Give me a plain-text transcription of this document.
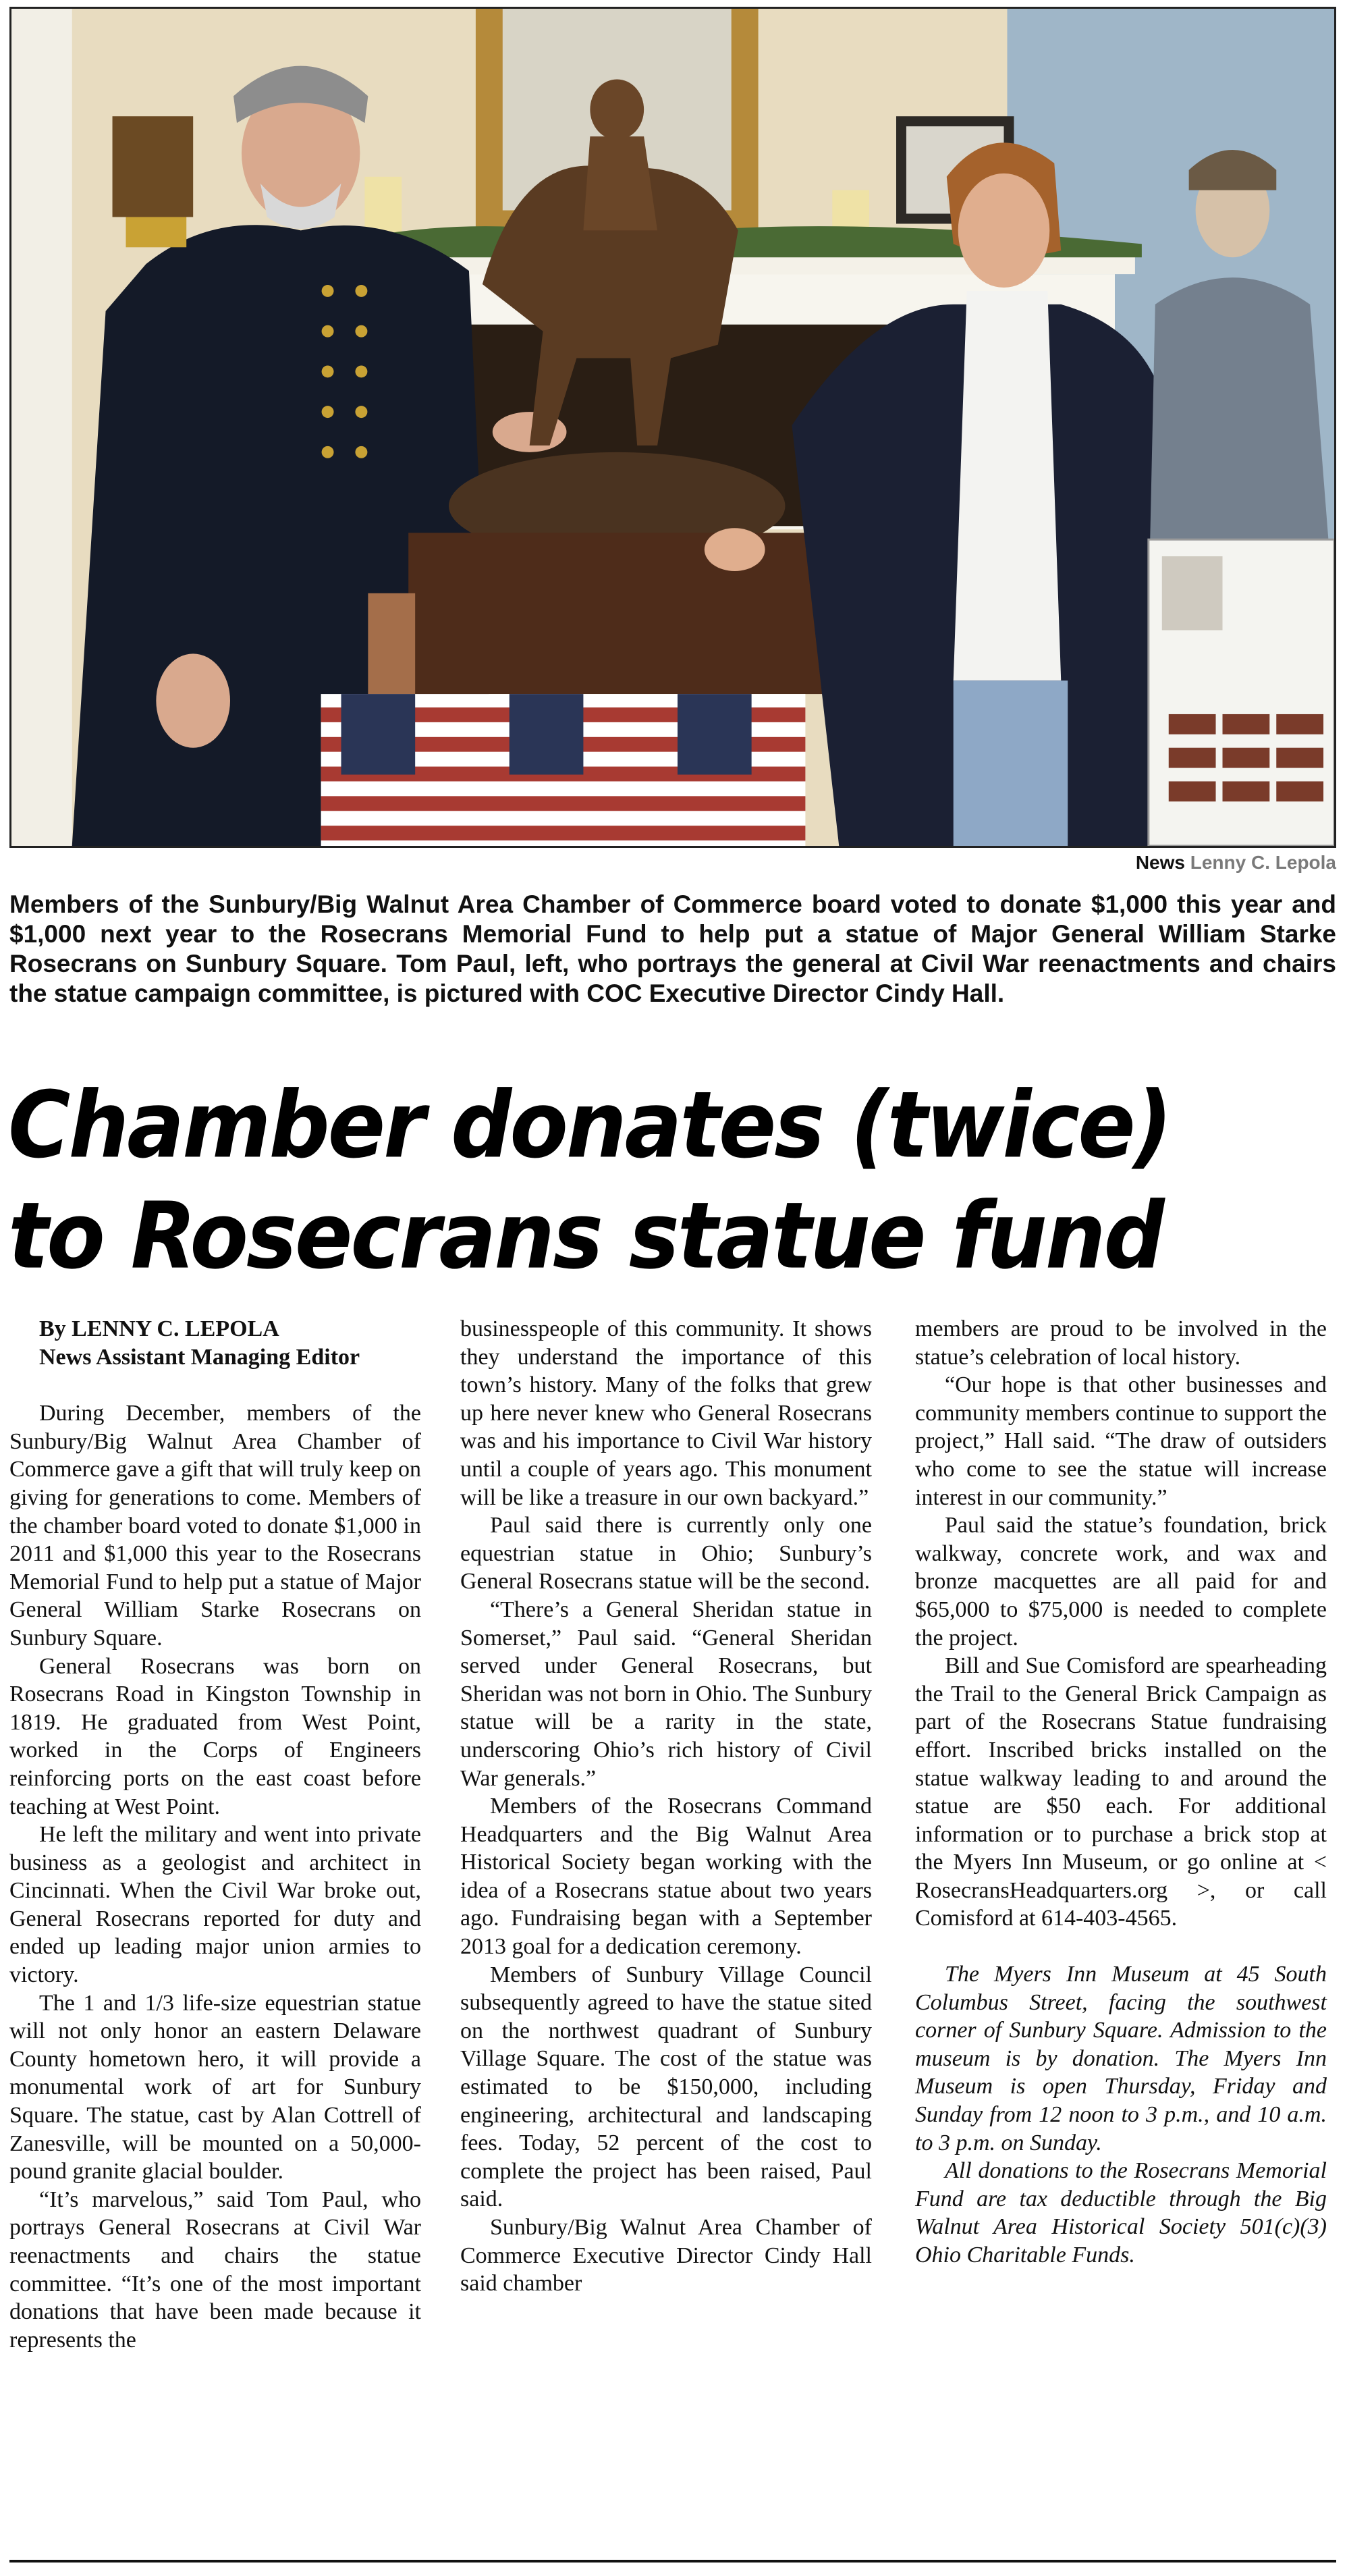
News Lenny C. Lepola
Members of the Sunbury/Big Walnut Area Chamber of Commerce board voted to donate $1,000 this year and $1,000 next year to the Rosecrans Memorial Fund to help put a statue of Major General William Starke Rosecrans on Sunbury Square. Tom Paul, left, who portrays the general at Civil War reenactments and chairs the statue campaign committee, is pictured with COC Executive Director Cindy Hall.
Chamber donates (twice)
to Rosecrans statue fund

By LENNY C. LEPOLA

News Assistant Managing Editor

During December, members of the Sunbury/Big Walnut Area Chamber of Commerce gave a gift that will truly keep on giving for generations to come. Members of the chamber board voted to donate $1,000 in 2011 and $1,000 this year to the Rosecrans Memorial Fund to help put a statue of Major General William Starke Rosecrans on Sunbury Square.

General Rosecrans was born on Rosecrans Road in Kingston Township in 1819. He graduated from West Point, worked in the Corps of Engineers reinforcing ports on the east coast before teaching at West Point.

He left the military and went into private business as a geologist and architect in Cincinnati. When the Civil War broke out, General Rosecrans reported for duty and ended up leading major union armies to victory.

The 1 and 1/3 life-size equestrian statue will not only honor an eastern Delaware County hometown hero, it will provide a monumental work of art for Sunbury Square. The statue, cast by Alan Cottrell of Zanesville, will be mounted on a 50,000-pound granite glacial boulder.

“It’s marvelous,” said Tom Paul, who portrays General Rosecrans at Civil War reenactments and chairs the statue committee. “It’s one of the most important donations that have been made because it represents the

businesspeople of this community. It shows they understand the importance of this town’s history. Many of the folks that grew up here never knew who General Rosecrans was and his importance to Civil War history until a couple of years ago. This monument will be like a treasure in our own backyard.”

Paul said there is currently only one equestrian statue in Ohio; Sunbury’s General Rosecrans statue will be the second.

“There’s a General Sheridan statue in Somerset,” Paul said. “General Sheridan served under General Rosecrans, but Sheridan was not born in Ohio. The Sunbury statue will be a rarity in the state, underscoring Ohio’s rich history of Civil War generals.”

Members of the Rosecrans Command Headquarters and the Big Walnut Area Historical Society began working with the idea of a Rosecrans statue about two years ago. Fundraising began with a September 2013 goal for a dedication ceremony.

Members of Sunbury Village Council subsequently agreed to have the statue sited on the northwest quadrant of Sunbury Village Square. The cost of the statue was estimated to be $150,000, including engineering, architectural and landscaping fees. Today, 52 percent of the cost to complete the project has been raised, Paul said.

Sunbury/Big Walnut Area Chamber of Commerce Executive Director Cindy Hall said chamber

members are proud to be involved in the statue’s celebration of local history.

“Our hope is that other businesses and community members continue to support the project,” Hall said. “The draw of outsiders who come to see the statue will increase interest in our community.”

Paul said the statue’s foundation, brick walkway, concrete work, and wax and bronze macquettes are all paid for and $65,000 to $75,000 is needed to complete the project.

Bill and Sue Comisford are spearheading the Trail to the General Brick Campaign as part of the Rosecrans Statue fundraising effort. Inscribed bricks installed on the statue walkway leading to and around the statue are $50 each. For additional information or to purchase a brick stop at the Myers Inn Museum, or go online at < RosecransHeadquarters.org >, or call Comisford at 614-403-4565.

The Myers Inn Museum at 45 South Columbus Street, facing the southwest corner of Sunbury Square. Admission to the museum is by donation. The Myers Inn Museum is open Thursday, Friday and Sunday from 12 noon to 3 p.m., and 10 a.m. to 3 p.m. on Sunday.

All donations to the Rosecrans Memorial Fund are tax deductible through the Big Walnut Area Historical Society 501(c)(3) Ohio Charitable Funds.
